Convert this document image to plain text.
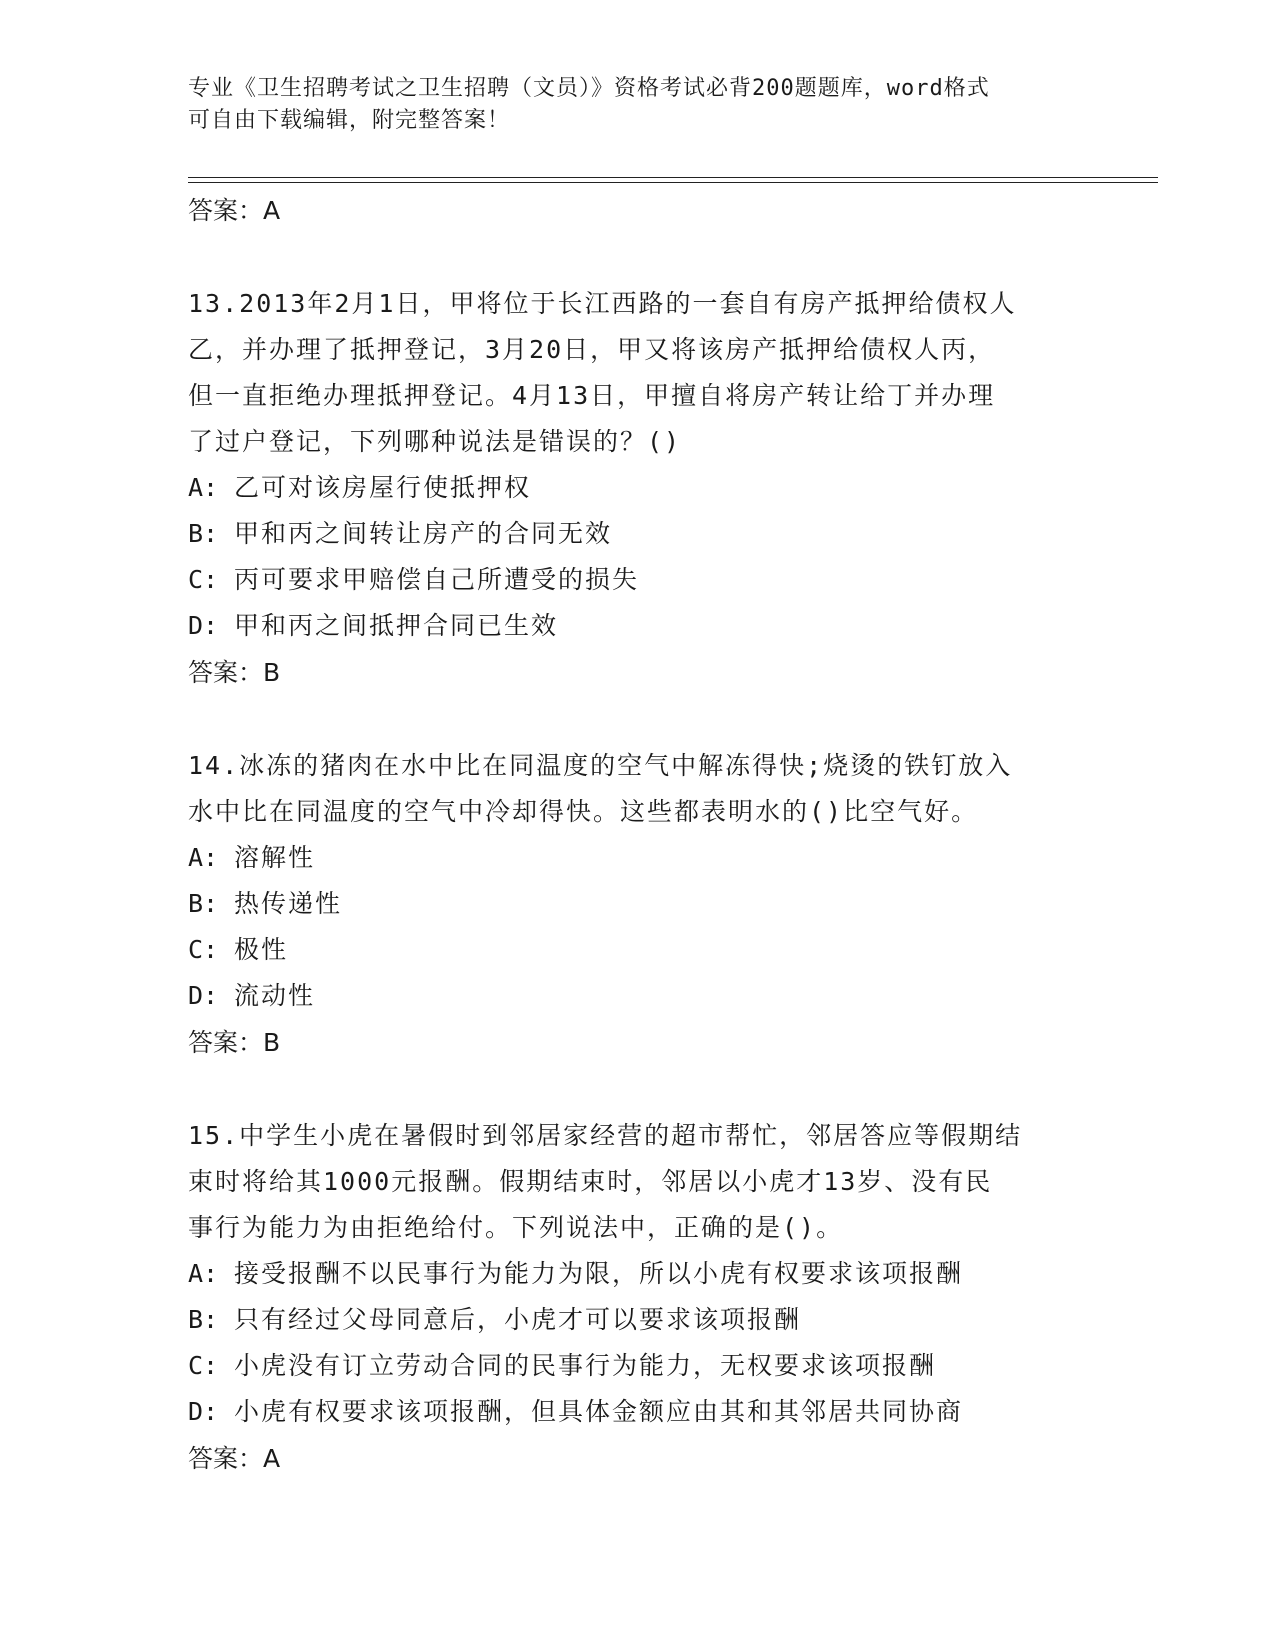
专业《卫生招聘考试之卫生招聘（文员）》资格考试必背200题题库，word格式
可自由下载编辑，附完整答案！
答案：A
13.2013年2月1日，甲将位于长江西路的一套自有房产抵押给债权人
乙，并办理了抵押登记，3月20日，甲又将该房产抵押给债权人丙，
但一直拒绝办理抵押登记。4月13日，甲擅自将房产转让给丁并办理
了过户登记，下列哪种说法是错误的？()
A: 乙可对该房屋行使抵押权
B: 甲和丙之间转让房产的合同无效
C: 丙可要求甲赔偿自己所遭受的损失
D: 甲和丙之间抵押合同已生效
答案：B
14.冰冻的猪肉在水中比在同温度的空气中解冻得快;烧烫的铁钉放入
水中比在同温度的空气中冷却得快。这些都表明水的()比空气好。
A: 溶解性
B: 热传递性
C: 极性
D: 流动性
答案：B
15.中学生小虎在暑假时到邻居家经营的超市帮忙，邻居答应等假期结
束时将给其1000元报酬。假期结束时，邻居以小虎才13岁、没有民
事行为能力为由拒绝给付。下列说法中，正确的是()。
A: 接受报酬不以民事行为能力为限，所以小虎有权要求该项报酬
B: 只有经过父母同意后，小虎才可以要求该项报酬
C: 小虎没有订立劳动合同的民事行为能力，无权要求该项报酬
D: 小虎有权要求该项报酬，但具体金额应由其和其邻居共同协商
答案：A
